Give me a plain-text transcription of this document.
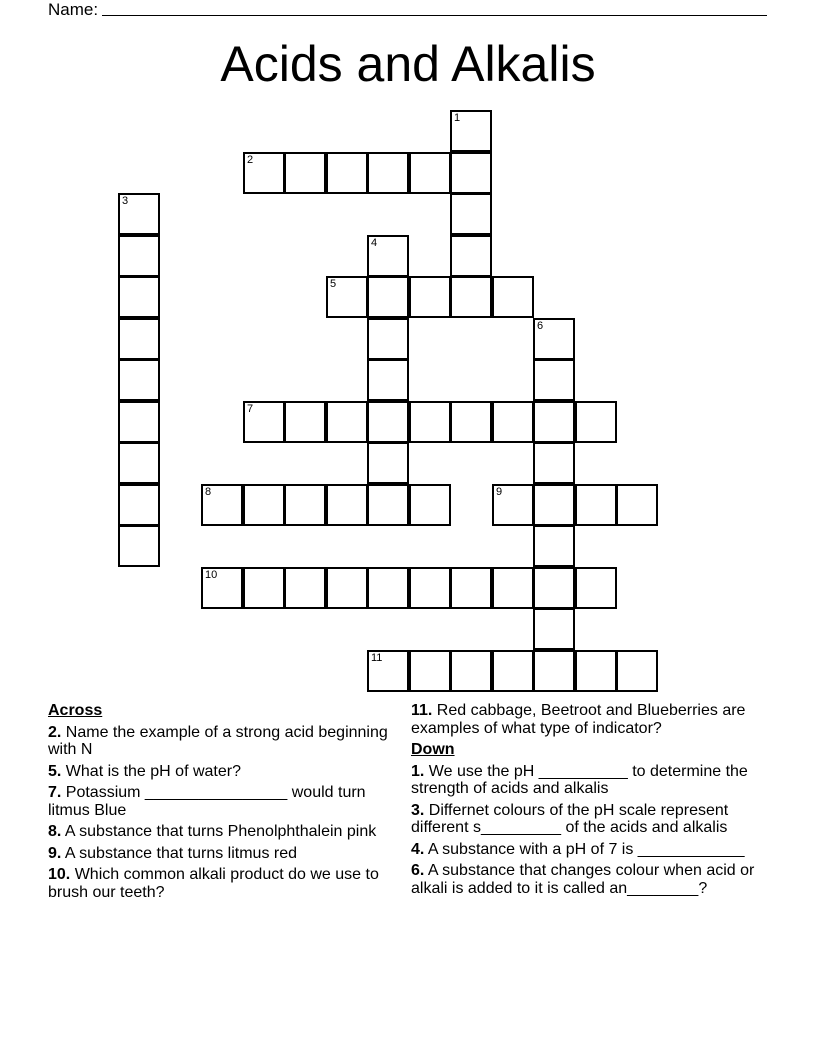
Name:
Acids and Alkalis
1
2
3
4
5
6
7
8	9
10
11
Across
2. Name the example of a strong acid beginning with N
5. What is the pH of water?
7. Potassium ________________ would turn litmus Blue
8. A substance that turns Phenolphthalein pink
9. A substance that turns litmus red
10. Which common alkali product do we use to brush our teeth?
11. Red cabbage, Beetroot and Blueberries are examples of what type of indicator?
Down
1. We use the pH __________ to determine the strength of acids and alkalis
3. Differnet colours of the pH scale represent different s_________ of the acids and alkalis
4. A substance with a pH of 7 is ____________
6. A substance that changes colour when acid or alkali is added to it is called an________?
